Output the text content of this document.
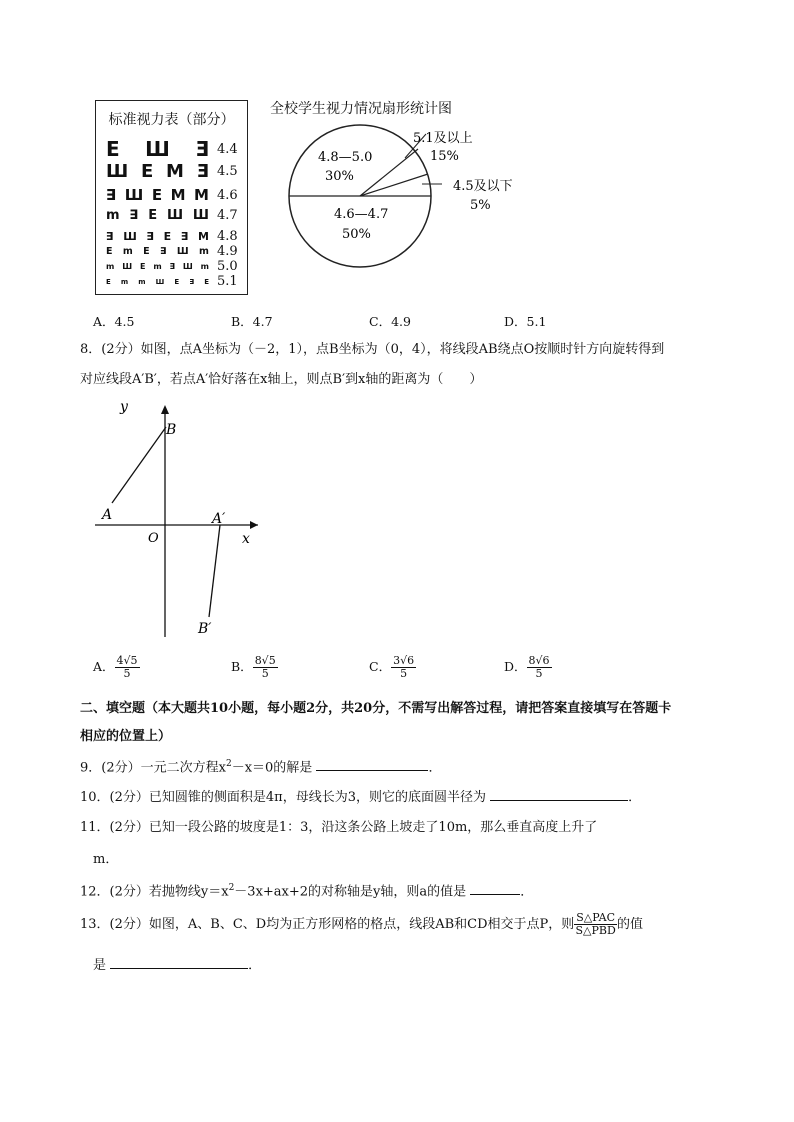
标准视力表（部分）
E Ш Ǝ 4.4
Ш E M Ǝ 4.5
∃ Ш E M M 4.6
m ∃ E Ш Ш 4.7
∃ Ш ∃ E ∃ M 4.8
E m E ∃ Ш m 4.9
m Ш E m ∃ Ш m 5.0
E m m Ш E ∃ E 5.1
全校学生视力情况扇形统计图
4.8—5.0
30%
5.1及以上
15%
4.5及以下
5%
4.6—4.7
50%
A．4.5	B．4.7	C．4.9	D．5.1
8．(2分）如图，点A坐标为（－2，1），点B坐标为（0，4），将线段AB绕点O按顺时针方向旋转得到
对应线段A′B′，若点A′恰好落在x轴上，则点B′到x轴的距离为（　　）
y
x
O
A
B
A′
B′
A． $\frac{4√5}{5}$	B． $\frac{8√5}{5}$	C． $\frac{3√6}{5}$	D． $\frac{8√6}{5}$
二、填空题（本大题共10小题，每小题2分，共20分，不需写出解答过程，请把答案直接填写在答题卡
相应的位置上）
9．(2分）一元二次方程$x^2-x=0$的解是	．
10．(2分）已知圆锥的侧面积是4π，母线长为3，则它的底面圆半径为	．
11．(2分）已知一段公路的坡度是1：3，沿这条公路上坡走了10m，那么垂直高度上升了
m．
12．(2分）若抛物线$y=x^2-3x+ax+2$的对称轴是y轴，则a的值是	．
13．(2分）如图，A、B、C、D均为正方形网格的格点，线段AB和CD相交于点P，则 $\frac{\text{S△PAC}}{\text{S△PBD}}$ 的值
是	．
